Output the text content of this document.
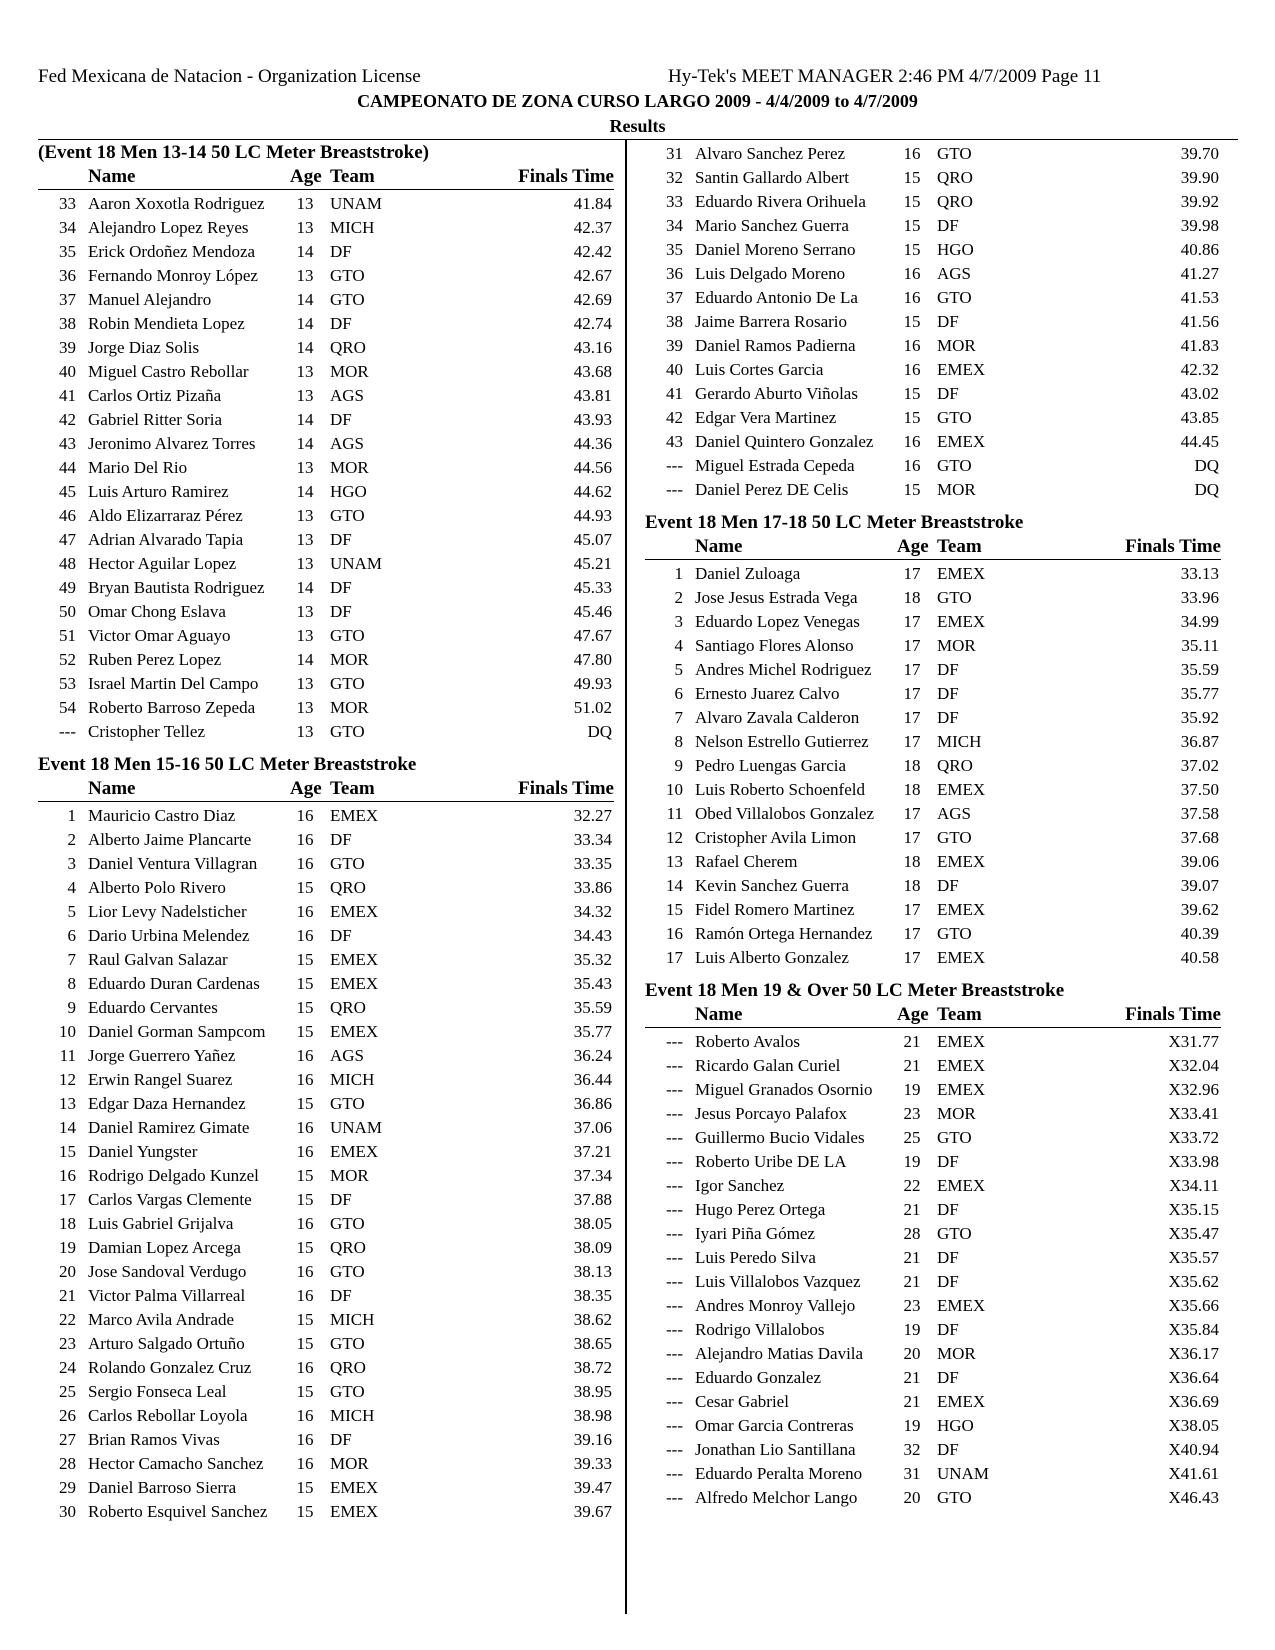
Fed Mexicana de Natacion - Organization License	Hy-Tek's MEET MANAGER 2:46 PM 4/7/2009 Page 11
CAMPEONATO DE ZONA CURSO LARGO 2009 - 4/4/2009 to 4/7/2009
Results
(Event 18 Men 13-14 50 LC Meter Breaststroke)
Name	Age Team	Finals Time
33 Aaron Xoxotla Rodriguez 13 UNAM	41.84
34 Alejandro Lopez Reyes	13 MICH	42.37
35 Erick Ordoñez Mendoza 14 DF	42.42
36 Fernando Monroy López 13 GTO	42.67
37 Manuel Alejandro	14 GTO	42.69
38 Robin Mendieta Lopez	14 DF	42.74
39 Jorge Diaz Solis	14 QRO	43.16
40 Miguel Castro Rebollar	13 MOR	43.68
41 Carlos Ortiz Pizaña	13 AGS	43.81
42 Gabriel Ritter Soria	14 DF	43.93
43 Jeronimo Alvarez Torres 14 AGS	44.36
44 Mario Del Rio	13 MOR	44.56
45 Luis Arturo Ramirez	14 HGO	44.62
46 Aldo Elizarraraz Pérez	13 GTO	44.93
47 Adrian Alvarado Tapia	13 DF	45.07
48 Hector Aguilar Lopez	13 UNAM	45.21
49 Bryan Bautista Rodriguez 14 DF	45.33
50 Omar Chong Eslava	13 DF	45.46
51 Victor Omar Aguayo	13 GTO	47.67
52 Ruben Perez Lopez	14 MOR	47.80
53 Israel Martin Del Campo 13 GTO	49.93
54 Roberto Barroso Zepeda 13 MOR	51.02
--- Cristopher Tellez	13 GTO	DQ
Event 18 Men 15-16 50 LC Meter Breaststroke
Name	Age Team	Finals Time
1 Mauricio Castro Diaz	16 EMEX	32.27
2 Alberto Jaime Plancarte	16 DF	33.34
3 Daniel Ventura Villagran 16 GTO	33.35
4 Alberto Polo Rivero	15 QRO	33.86
5 Lior Levy Nadelsticher	16 EMEX	34.32
6 Dario Urbina Melendez	16 DF	34.43
7 Raul Galvan Salazar	15 EMEX	35.32
8 Eduardo Duran Cardenas 15 EMEX	35.43
9 Eduardo Cervantes	15 QRO	35.59
10 Daniel Gorman Sampcom 15 EMEX	35.77
11 Jorge Guerrero Yañez	16 AGS	36.24
12 Erwin Rangel Suarez	16 MICH	36.44
13 Edgar Daza Hernandez	15 GTO	36.86
14 Daniel Ramirez Gimate	16 UNAM	37.06
15 Daniel Yungster	16 EMEX	37.21
16 Rodrigo Delgado Kunzel 15 MOR	37.34
17 Carlos Vargas Clemente	15 DF	37.88
18 Luis Gabriel Grijalva	16 GTO	38.05
19 Damian Lopez Arcega	15 QRO	38.09
20 Jose Sandoval Verdugo	16 GTO	38.13
21 Victor Palma Villarreal	16 DF	38.35
22 Marco Avila Andrade	15 MICH	38.62
23 Arturo Salgado Ortuño	15 GTO	38.65
24 Rolando Gonzalez Cruz	16 QRO	38.72
25 Sergio Fonseca Leal	15 GTO	38.95
26 Carlos Rebollar Loyola	16 MICH	38.98
27 Brian Ramos Vivas	16 DF	39.16
28 Hector Camacho Sanchez 16 MOR	39.33
29 Daniel Barroso Sierra	15 EMEX	39.47
30 Roberto Esquivel Sanchez 15 EMEX	39.67
31 Alvaro Sanchez Perez	16 GTO	39.70
32 Santin Gallardo Albert	15 QRO	39.90
33 Eduardo Rivera Orihuela 15 QRO	39.92
34 Mario Sanchez Guerra	15 DF	39.98
35 Daniel Moreno Serrano	15 HGO	40.86
36 Luis Delgado Moreno	16 AGS	41.27
37 Eduardo Antonio De La	16 GTO	41.53
38 Jaime Barrera Rosario	15 DF	41.56
39 Daniel Ramos Padierna	16 MOR	41.83
40 Luis Cortes Garcia	16 EMEX	42.32
41 Gerardo Aburto Viñolas	15 DF	43.02
42 Edgar Vera Martinez	15 GTO	43.85
43 Daniel Quintero Gonzalez 16 EMEX	44.45
--- Miguel Estrada Cepeda	16 GTO	DQ
--- Daniel Perez DE Celis	15 MOR	DQ
Event 18 Men 17-18 50 LC Meter Breaststroke
Name	Age Team	Finals Time
1 Daniel Zuloaga	17 EMEX	33.13
2 Jose Jesus Estrada Vega	18 GTO	33.96
3 Eduardo Lopez Venegas	17 EMEX	34.99
4 Santiago Flores Alonso	17 MOR	35.11
5 Andres Michel Rodriguez 17 DF	35.59
6 Ernesto Juarez Calvo	17 DF	35.77
7 Alvaro Zavala Calderon	17 DF	35.92
8 Nelson Estrello Gutierrez 17 MICH	36.87
9 Pedro Luengas Garcia	18 QRO	37.02
10 Luis Roberto Schoenfeld 18 EMEX	37.50
11 Obed Villalobos Gonzalez 17 AGS	37.58
12 Cristopher Avila Limon	17 GTO	37.68
13 Rafael Cherem	18 EMEX	39.06
14 Kevin Sanchez Guerra	18 DF	39.07
15 Fidel Romero Martinez	17 EMEX	39.62
16 Ramón Ortega Hernandez 17 GTO	40.39
17 Luis Alberto Gonzalez	17 EMEX	40.58
Event 18 Men 19 & Over 50 LC Meter Breaststroke
Name	Age Team	Finals Time
--- Roberto Avalos	21 EMEX	X31.77
--- Ricardo Galan Curiel	21 EMEX	X32.04
--- Miguel Granados Osornio 19 EMEX	X32.96
--- Jesus Porcayo Palafox	23 MOR	X33.41
--- Guillermo Bucio Vidales 25 GTO	X33.72
--- Roberto Uribe DE LA	19 DF	X33.98
--- Igor Sanchez	22 EMEX	X34.11
--- Hugo Perez Ortega	21 DF	X35.15
--- Iyari Piña Gómez	28 GTO	X35.47
--- Luis Peredo Silva	21 DF	X35.57
--- Luis Villalobos Vazquez	21 DF	X35.62
--- Andres Monroy Vallejo	23 EMEX	X35.66
--- Rodrigo Villalobos	19 DF	X35.84
--- Alejandro Matias Davila 20 MOR	X36.17
--- Eduardo Gonzalez	21 DF	X36.64
--- Cesar Gabriel	21 EMEX	X36.69
--- Omar Garcia Contreras	19 HGO	X38.05
--- Jonathan Lio Santillana	32 DF	X40.94
--- Eduardo Peralta Moreno 31 UNAM	X41.61
--- Alfredo Melchor Lango	20 GTO	X46.43
